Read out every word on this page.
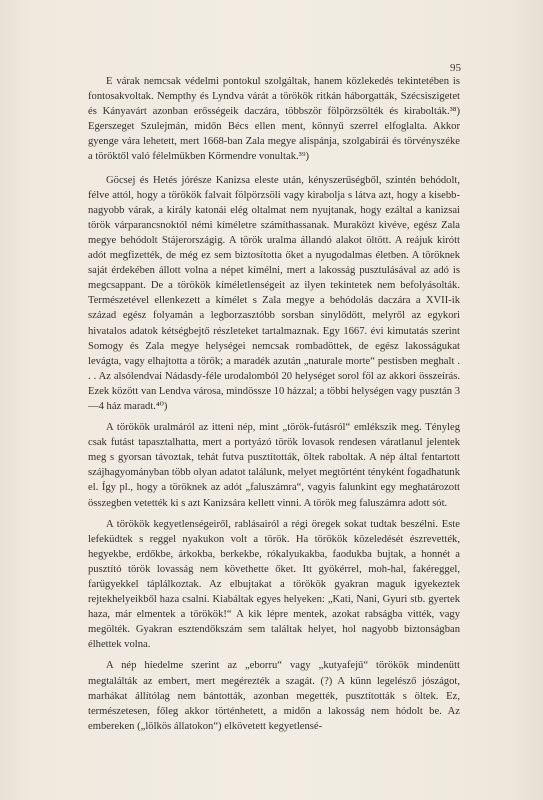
95

E várak nemcsak védelmi pontokul szolgáltak, hanem közlekedés tekintetében is fontosakvoltak. Nempthy és Lyndva várát a törökök ritkán háborgatták, Szécsiszigetet és Kányavárt azonban erősségeik daczára, többször fölpörzsölték és kirabolták.³⁸) Egerszeget Szulejmán, midőn Bécs ellen ment, könnyű szerrel elfoglalta. Akkor gyenge vára lehetett, mert 1668-ban Zala megye alispánja, szolgabírái és törvényszéke a töröktől való félelmükben Körmendre vonultak.³⁹)

Göcsej és Hetés jórésze Kanizsa eleste után, kényszerűségből, szintén behódolt, félve attól, hogy a törökök falvait fölpörzsöli vagy kirabolja s látva azt, hogy a kisebb-nagyobb várak, a király katonái elég oltalmat nem nyujtanak, hogy ezáltal a kanizsai török várparancsnoktól némi kíméletre számíthassanak. Muraközt kivéve, egész Zala megye behódolt Stájerországig. A török uralma állandó alakot öltött. A reájuk kirótt adót megfizették, de még ez sem biztosította őket a nyugodalmas életben. A töröknek saját érdekében állott volna a népet kímélni, mert a lakosság pusztulásával az adó is megcsappant. De a törökök kíméletlenségeit az ilyen tekintetek nem befolyásolták. Természetével ellenkezett a kímélet s Zala megye a behódolás daczára a XVII-ik század egész folyamán a legborzasztóbb sorsban sinylődött, melyről az egykori hivatalos adatok kétségbejtő részleteket tartalmaznak. Egy 1667. évi kimutatás szerint Somogy és Zala megye helységei nemcsak rombadöttek, de egész lakosságukat levágta, vagy elhajtotta a török; a maradék azután „naturale morte“ pestisben meghalt . . . Az alsólendvai Nádasdy-féle urodalomból 20 helységet sorol föl az akkori összeírás. Ezek között van Lendva városa, mindössze 10 házzal; a többi helységen vagy pusztán 3—4 ház maradt.⁴⁰)

A törökök uralmáról az itteni nép, mint „török-futásról“ emlékszik meg. Tényleg csak futást tapasztalhatta, mert a portyázó török lovasok rendesen váratlanul jelentek meg s gyorsan távoztak, tehát futva pusztították, öltek raboltak. A nép által fentartott szájhagyományban több olyan adatot találunk, melyet megtörtént tényként fogadhatunk el. Így pl., hogy a töröknek az adót „faluszámra“, vagyis falunkint egy meghatározott összegben vetették ki s azt Kanizsára kellett vinni. A török meg faluszámra adott sót.

A törökök kegyetlenségeiről, rablásairól a régi öregek sokat tudtak beszélni. Este lefeküdtek s reggel nyakukon volt a török. Ha törökök közeledését észrevették, hegyekbe, erdőkbe, árkokba, berkekbe, rókalyukakba, faodukba bujtak, a honnét a pusztító török lovasság nem követhette őket. Itt gyökérrel, moh-hal, fakéreggel, farügyekkel táplálkoztak. Az elbujtakat a törökök gyakran maguk igyekeztek rejtekhelyeikből haza csalni. Kiabáltak egyes helyeken: „Kati, Nani, Gyuri stb. gyertek haza, már elmentek a törökök!“ A kik lépre mentek, azokat rabságba vitték, vagy megölték. Gyakran esztendőkszám sem találtak helyet, hol nagyobb biztonságban élhettek volna.

A nép hiedelme szerint az „eborru“ vagy „kutyafejű“ törökök mindenütt megtalálták az embert, mert megérezték a szagát. (?) A künn legelésző jószágot, marhákat állítólag nem bántották, azonban megették, pusztították s öltek. Ez, természetesen, főleg akkor történhetett, a midőn a lakosság nem hódolt be. Az embereken („lölkös állatokon“) elkövetett kegyetlensé-
